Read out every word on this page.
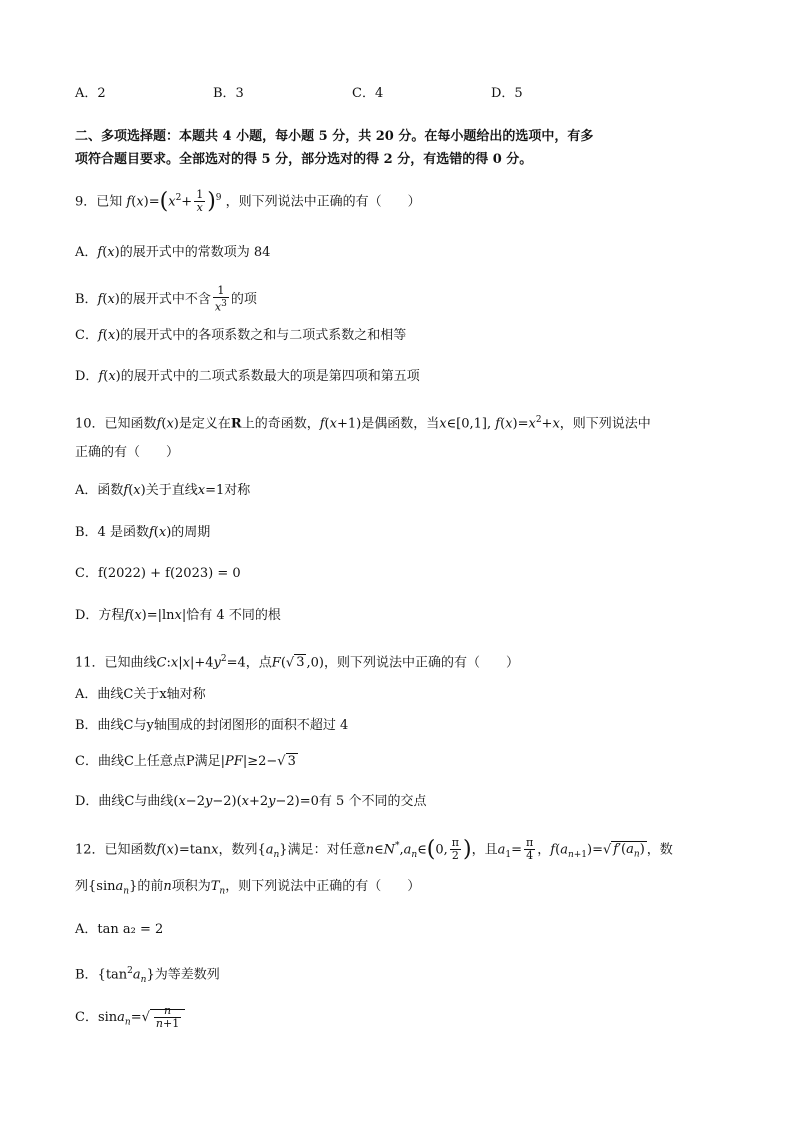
A．2	B．3	C．4	D．5
二、多项选择题：本题共 4 小题，每小题 5 分，共 20 分。在每小题给出的选项中，有多
项符合题目要求。全部选对的得 5 分，部分选对的得 2 分，有选错的得 0 分。
9．已知 $f(x)=(x^2+ \frac{1}{x} )^9$ ，则下列说法中正确的有（　　）
A．f(x)的展开式中的常数项为 84
B．f(x)的展开式中不含 $\frac{1}{x^3}$ 的项
C．f(x)的展开式中的各项系数之和与二项式系数之和相等
D．f(x)的展开式中的二项式系数最大的项是第四项和第五项
10．已知函数f(x)是定义在R上的奇函数，f(x+1)是偶函数，当x∈[0,1], $f(x)=x^2+x$，则下列说法中
正确的有（　　）
A．函数f(x)关于直线x=1对称
B．4 是函数f(x)的周期
C．f(2022) + f(2023) = 0
D．方程f(x)=|lnx|恰有 4 不同的根
11．已知曲线$C:x|x|+4y^2=4$，点F(√ 3 ,0)，则下列说法中正确的有（　　）
A．曲线C关于x轴对称
B．曲线C与y轴围成的封闭图形的面积不超过 4
C．曲线C上任意点P满足|PF|≥2−√ 3
D．曲线C与曲线(x−2y−2)(x+2y−2)=0有 5 个不同的交点
12．已知函数f(x)=tanx，数列$\{a_n\}$满足：对任意$n\in N^*,a_n\in(0$, $\frac{\pi}{2}$ )，且$a_1= \frac{\pi}{4}$ ，$f(a_{n+1})=√$ $f'(a_n)$ ，数
列{sina$_n$}的前n项积为$T_n$，则下列说法中正确的有（　　）
A．tan a₂ = 2
B．$\{\tan^2a_n\}$为等差数列
C．$\sin a_n=√ \frac{n}{n+1}$
